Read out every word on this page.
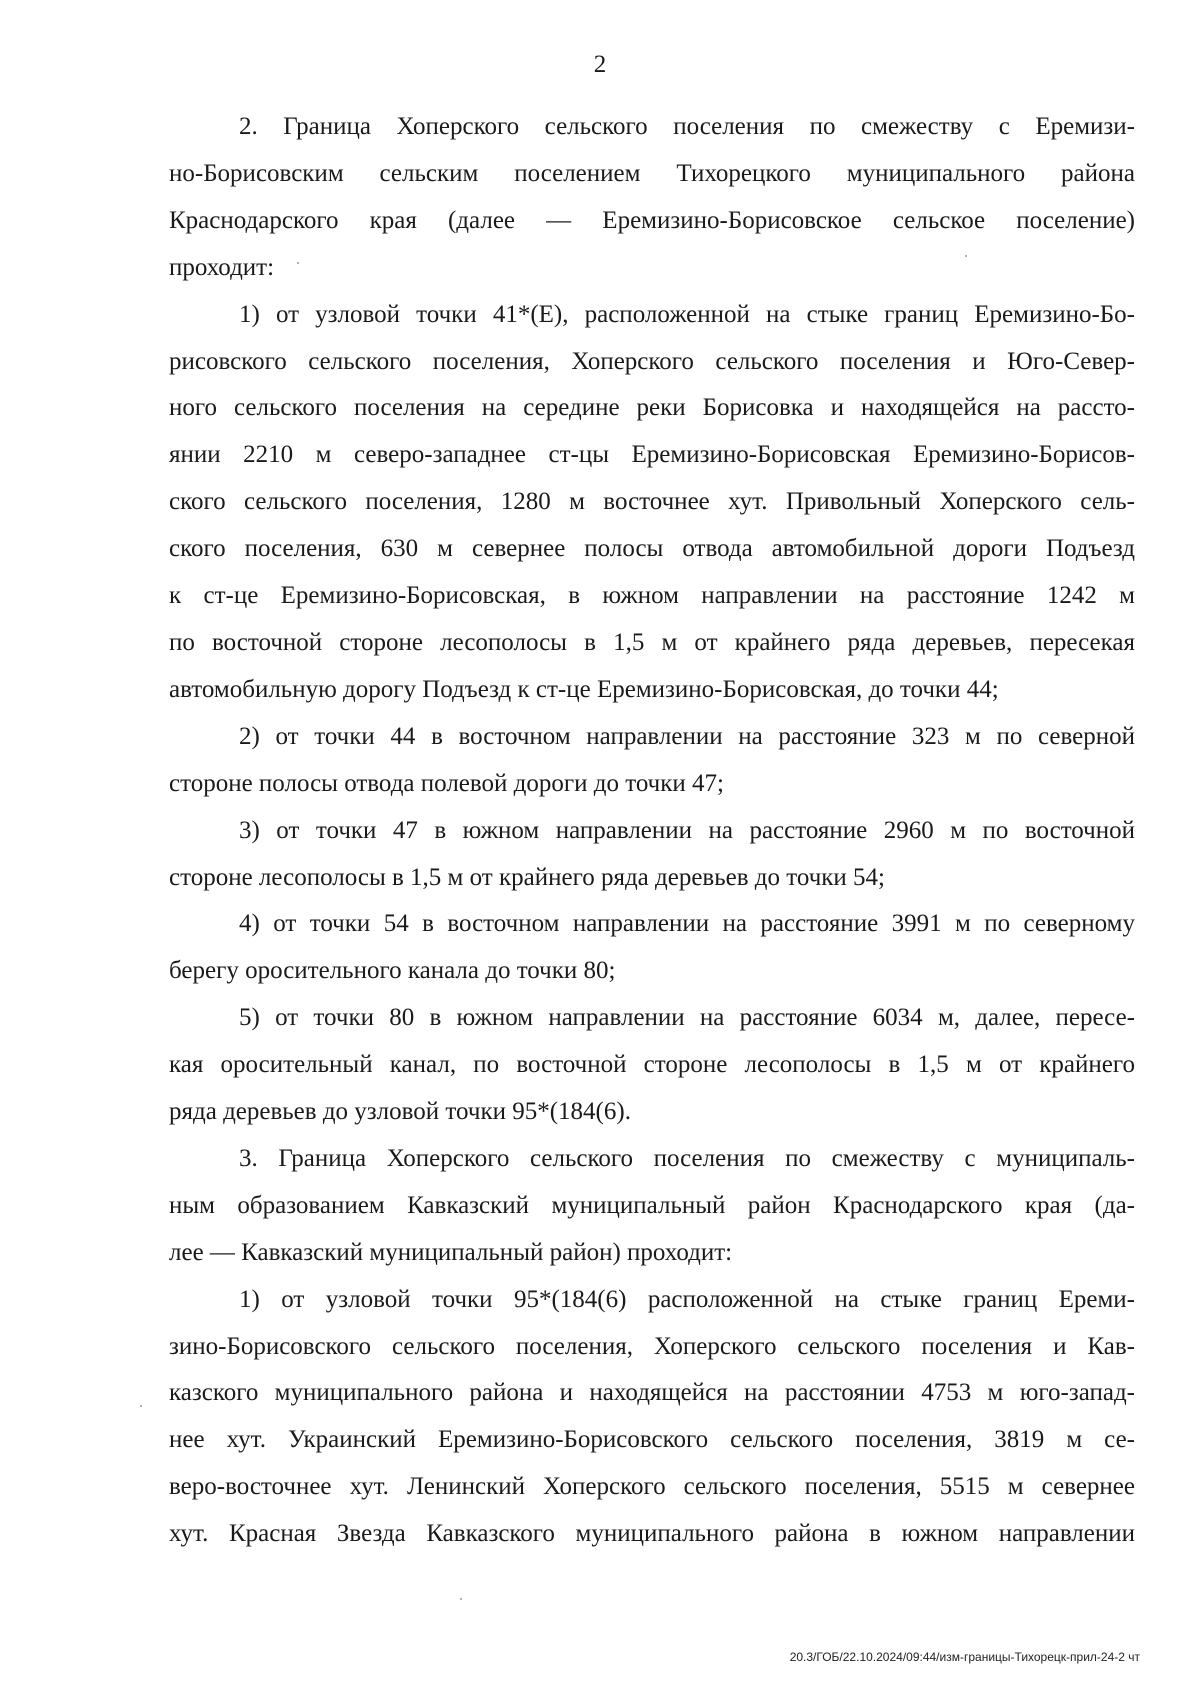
2

2. Граница Хоперского сельского поселения по смежеству с Еремизи-
но-Борисовским сельским поселением Тихорецкого муниципального района
Краснодарского края (далее — Еремизино-Борисовское сельское поселение)
проходит:

1) от узловой точки 41*(Е), расположенной на стыке границ Еремизино-Бо-
рисовского сельского поселения, Хоперского сельского поселения и Юго-Север-
ного сельского поселения на середине реки Борисовка и находящейся на рассто-
янии 2210 м северо-западнее ст-цы Еремизино-Борисовская Еремизино-Борисов-
ского сельского поселения, 1280 м восточнее хут. Привольный Хоперского сель-
ского поселения, 630 м севернее полосы отвода автомобильной дороги Подъезд
к ст-це Еремизино-Борисовская, в южном направлении на расстояние 1242 м
по восточной стороне лесополосы в 1,5 м от крайнего ряда деревьев, пересекая
автомобильную дорогу Подъезд к ст-це Еремизино-Борисовская, до точки 44;

2) от точки 44 в восточном направлении на расстояние 323 м по северной
стороне полосы отвода полевой дороги до точки 47;

3) от точки 47 в южном направлении на расстояние 2960 м по восточной
стороне лесополосы в 1,5 м от крайнего ряда деревьев до точки 54;

4) от точки 54 в восточном направлении на расстояние 3991 м по северному
берегу оросительного канала до точки 80;

5) от точки 80 в южном направлении на расстояние 6034 м, далее, пересе-
кая оросительный канал, по восточной стороне лесополосы в 1,5 м от крайнего
ряда деревьев до узловой точки 95*(184(6).

3. Граница Хоперского сельского поселения по смежеству с муниципаль-
ным образованием Кавказский муниципальный район Краснодарского края (да-
лее — Кавказский муниципальный район) проходит:

1) от узловой точки 95*(184(6) расположенной на стыке границ Ереми-
зино-Борисовского сельского поселения, Хоперского сельского поселения и Кав-
казского муниципального района и находящейся на расстоянии 4753 м юго-запад-
нее хут. Украинский Еремизино-Борисовского сельского поселения, 3819 м се-
веро-восточнее хут. Ленинский Хоперского сельского поселения, 5515 м севернее
хут. Красная Звезда Кавказского муниципального района в южном направлении

20.3/ГОБ/22.10.2024/09:44/изм-границы-Тихорецк-прил-24-2 чт
